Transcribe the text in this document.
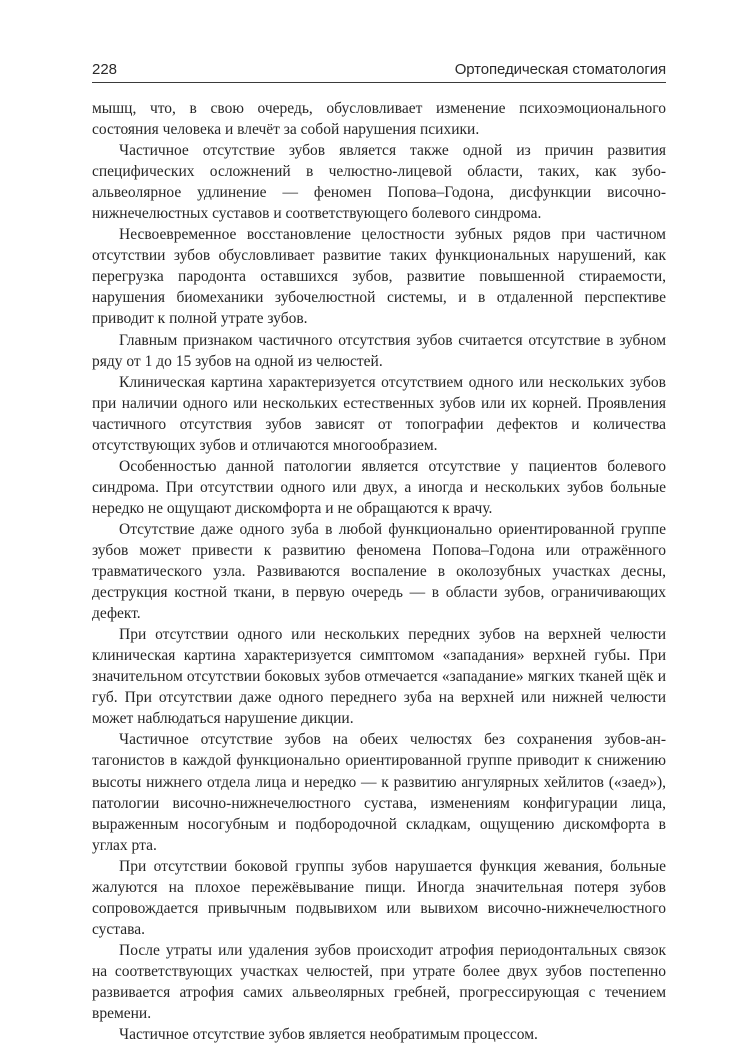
228	Ортопедическая стоматология

мышц, что, в свою очередь, обусловливает изменение психоэмоционального состояния человека и влечёт за собой нарушения психики.

Частичное отсутствие зубов является также одной из причин развития специфических осложнений в челюстно-лицевой области, таких, как зубоальвеолярное удлинение — феномен Попова–Годона, дисфункции височно-нижнечелюстных суставов и соответствующего болевого синдрома.

Несвоевременное восстановление целостности зубных рядов при частичном отсутствии зубов обусловливает развитие таких функциональных нарушений, как перегрузка пародонта оставшихся зубов, развитие повышенной стираемости, нарушения биомеханики зубочелюстной системы, и в отдаленной перспективе приводит к полной утрате зубов.

Главным признаком частичного отсутствия зубов считается отсутствие в зубном ряду от 1 до 15 зубов на одной из челюстей.

Клиническая картина характеризуется отсутствием одного или нескольких зубов при наличии одного или нескольких естественных зубов или их корней. Проявления частичного отсутствия зубов зависят от топографии дефектов и количества отсутствующих зубов и отличаются многообразием.

Особенностью данной патологии является отсутствие у пациентов болевого синдрома. При отсутствии одного или двух, а иногда и нескольких зубов больные нередко не ощущают дискомфорта и не обращаются к врачу.

Отсутствие даже одного зуба в любой функционально ориентированной группе зубов может привести к развитию феномена Попова–Годона или отражённого травматического узла. Развиваются воспаление в околозубных участках десны, деструкция костной ткани, в первую очередь — в области зубов, ограничивающих дефект.

При отсутствии одного или нескольких передних зубов на верхней челюсти клиническая картина характеризуется симптомом «западания» верхней губы. При значительном отсутствии боковых зубов отмечается «западание» мягких тканей щёк и губ. При отсутствии даже одного переднего зуба на верхней или нижней челюсти может наблюдаться нарушение дикции.

Частичное отсутствие зубов на обеих челюстях без сохранения зубов-антагонистов в каждой функционально ориентированной группе приводит к снижению высоты нижнего отдела лица и нередко — к развитию ангулярных хейлитов («заед»), патологии височно-нижнечелюстного сустава, изменениям конфигурации лица, выраженным носогубным и подбородочной складкам, ощущению дискомфорта в углах рта.

При отсутствии боковой группы зубов нарушается функция жевания, больные жалуются на плохое пережёвывание пищи. Иногда значительная потеря зубов сопровождается привычным подвывихом или вывихом височно-нижнечелюстного сустава.

После утраты или удаления зубов происходит атрофия периодонтальных связок на соответствующих участках челюстей, при утрате более двух зубов постепенно развивается атрофия самих альвеолярных гребней, прогрессирующая с течением времени.

Частичное отсутствие зубов является необратимым процессом.
